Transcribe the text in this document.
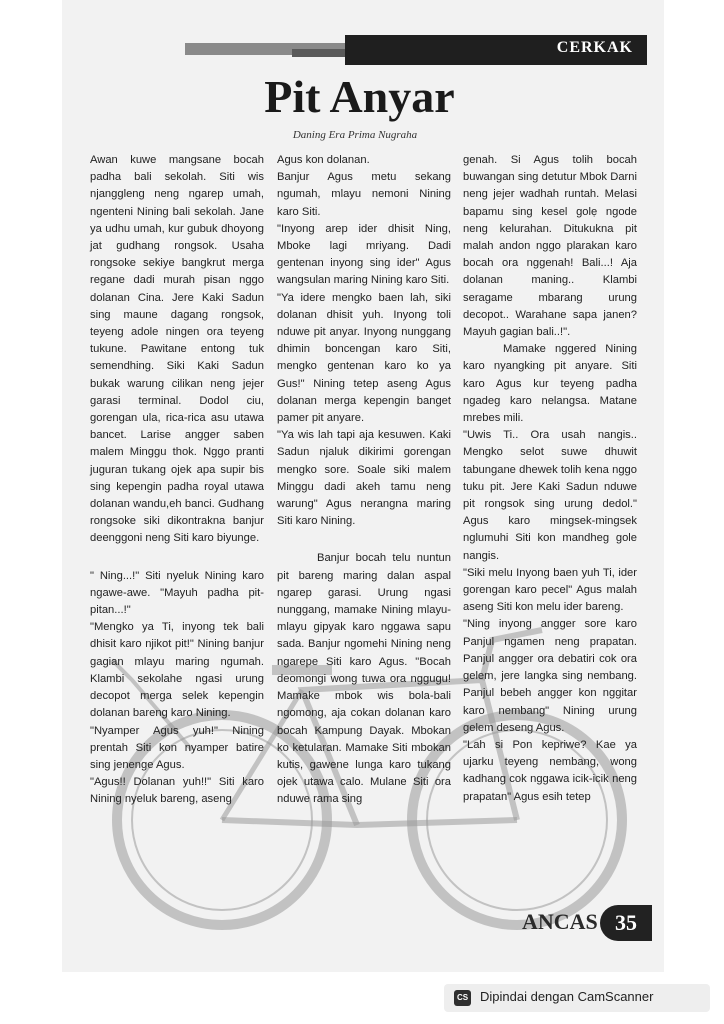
CERKAK
Pit Anyar
Daning Era Prima Nugraha

Awan kuwe mangsane bocah padha bali sekolah. Siti wis njanggleng neng ngarep umah, ngenteni Nining bali sekolah. Jane ya udhu umah, kur gubuk dhoyong jat gudhang rongsok. Usaha rongsoke sekiye bangkrut merga regane dadi murah pisan nggo dolanan Cina. Jere Kaki Sadun sing maune dagang rongsok, teyeng adole ningen ora teyeng tukune. Pawitane entong tuk semendhing. Siki Kaki Sadun bukak warung cilikan neng jejer garasi terminal. Dodol ciu, gorengan ula, rica-rica asu utawa bancet. Larise angger saben malem Minggu thok. Nggo pranti juguran tukang ojek apa supir bis sing kepengin padha royal utawa dolanan wandu,eh banci. Gudhang rongsoke siki dikontrakna banjur deenggoni neng Siti karo biyunge.

" Ning...!" Siti nyeluk Nining karo ngawe-awe. "Mayuh padha pit-pitan...!"

"Mengko ya Ti, inyong tek bali dhisit karo njikot pit!" Nining banjur gagian mlayu maring ngumah. Klambi sekolahe ngasi urung decopot merga selek kepengin dolanan bareng karo Nining.

"Nyamper Agus yuh!" Nining prentah Siti kon nyamper batire sing jenenge Agus.

"Agus!! Dolanan yuh!!" Siti karo Nining nyeluk bareng, aseng

Agus kon dolanan.

Banjur Agus metu sekang ngumah, mlayu nemoni Nining karo Siti.

"Inyong arep ider dhisit Ning, Mboke lagi mriyang. Dadi gentenan inyong sing ider" Agus wangsulan maring Nining karo Siti.

"Ya idere mengko baen lah, siki dolanan dhisit yuh. Inyong toli nduwe pit anyar. Inyong nunggang dhimin boncengan karo Siti, mengko gentenan karo ko ya Gus!" Nining tetep aseng Agus dolanan merga kepengin banget pamer pit anyare.

"Ya wis lah tapi aja kesuwen. Kaki Sadun njaluk dikirimi gorengan mengko sore. Soale siki malem Minggu dadi akeh tamu neng warung" Agus nerangna maring Siti karo Nining.

Banjur bocah telu nuntun pit bareng maring dalan aspal ngarep garasi. Urung ngasi nunggang, mamake Nining mlayu-mlayu gipyak karo nggawa sapu sada. Banjur ngomehi Nining neng ngarepe Siti karo Agus. "Bocah deomongi wong tuwa ora nggugu! Mamake mbok wis bola-bali ngomong, aja cokan dolanan karo bocah Kampung Dayak. Mbokan ko ketularan. Mamake Siti mbokan kutis, gawene lunga karo tukang ojek utawa calo. Mulane Siti ora nduwe rama sing

genah. Si Agus tolih bocah buwangan sing detutur Mbok Darni neng jejer wadhah runtah. Melasi bapamu sing kesel golẹ ngode neng kelurahan. Ditukukna pit malah andon nggo plarakan karo bocah ora nggenah! Bali...! Aja dolanan maning.. Klambi seragame mbarang urung decopot.. Warahane sapa janen? Mayuh gagian bali..!".

Mamake nggered Nining karo nyangking pit anyare. Siti karo Agus kur teyeng padha ngadeg karo nelangsa. Matane mrebes mili.

"Uwis Ti.. Ora usah nangis.. Mengko selot suwe dhuwit tabungane dhewek tolih kena nggo tuku pit. Jere Kaki Sadun nduwe pit rongsok sing urung dedol." Agus karo mingsek-mingsek nglumuhi Siti kon mandheg gole nangis.

"Siki melu Inyong baen yuh Ti, ider gorengan karo pecel" Agus malah aseng Siti kon melu ider bareng.

"Ning inyong angger sore karo Panjul ngamen neng prapatan. Panjul angger ora debatiri cok ora gelem, jere langka sing nembang. Panjul bebeh angger kon nggitar karo nembang" Nining urung gelem deseng Agus.

"Lah si Pon kepriwe? Kae ya ujarku teyeng nembang, wong kadhang cok nggawa icik-icik neng prapatan" Agus esih tetep

ANCAS 35
CS Dipindai dengan CamScanner
